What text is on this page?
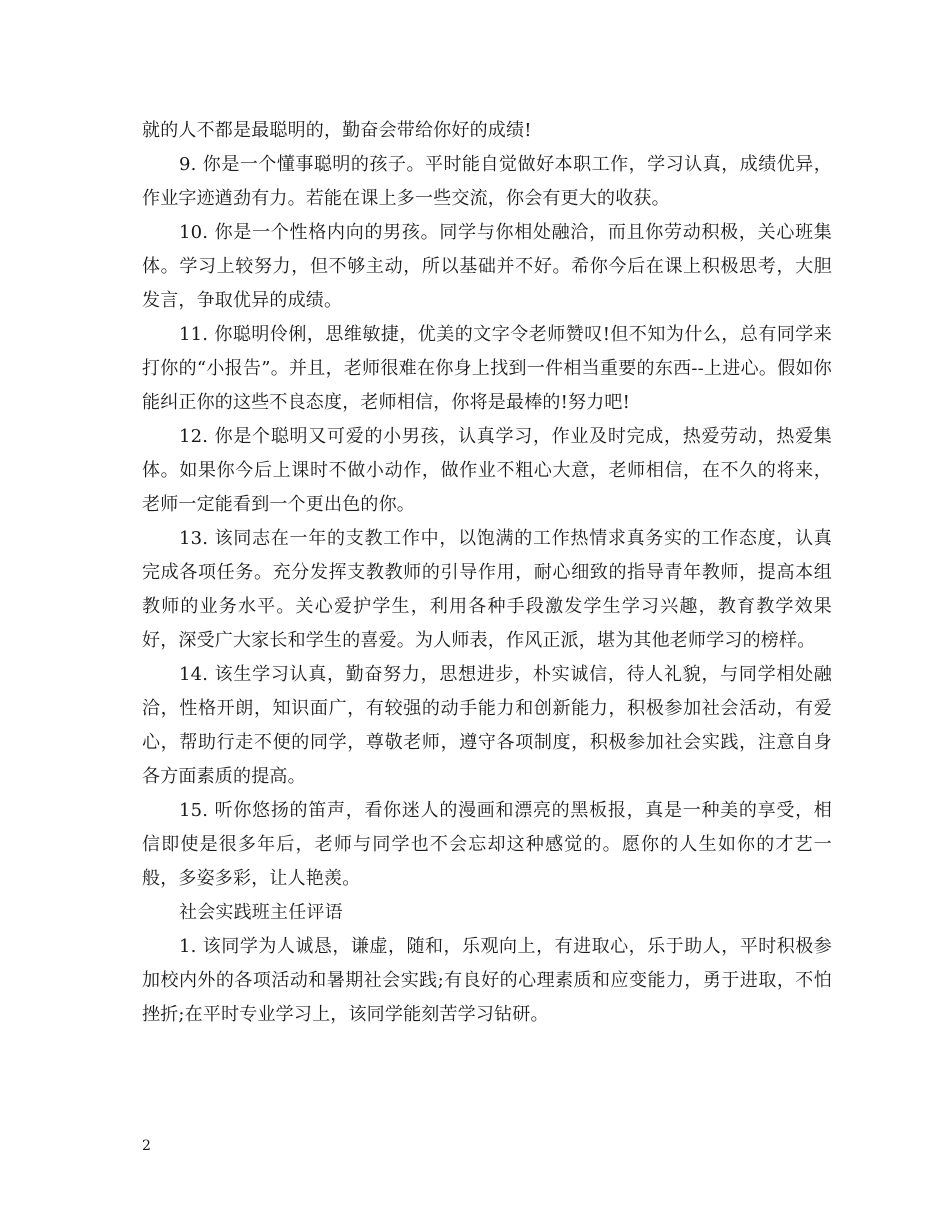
就的人不都是最聪明的，勤奋会带给你好的成绩!

9. 你是一个懂事聪明的孩子。平时能自觉做好本职工作，学习认真，成绩优异，作业字迹遒劲有力。若能在课上多一些交流，你会有更大的收获。

10. 你是一个性格内向的男孩。同学与你相处融洽，而且你劳动积极，关心班集体。学习上较努力，但不够主动，所以基础并不好。希你今后在课上积极思考，大胆发言，争取优异的成绩。

11. 你聪明伶俐，思维敏捷，优美的文字令老师赞叹!但不知为什么，总有同学来打你的“小报告”。并且，老师很难在你身上找到一件相当重要的东西--上进心。假如你能纠正你的这些不良态度，老师相信，你将是最棒的!努力吧!

12. 你是个聪明又可爱的小男孩，认真学习，作业及时完成，热爱劳动，热爱集体。如果你今后上课时不做小动作，做作业不粗心大意，老师相信，在不久的将来，老师一定能看到一个更出色的你。

13. 该同志在一年的支教工作中，以饱满的工作热情求真务实的工作态度，认真完成各项任务。充分发挥支教教师的引导作用，耐心细致的指导青年教师，提高本组教师的业务水平。关心爱护学生，利用各种手段激发学生学习兴趣，教育教学效果好，深受广大家长和学生的喜爱。为人师表，作风正派，堪为其他老师学习的榜样。

14. 该生学习认真，勤奋努力，思想进步，朴实诚信，待人礼貌，与同学相处融洽，性格开朗，知识面广，有较强的动手能力和创新能力，积极参加社会活动，有爱心，帮助行走不便的同学，尊敬老师，遵守各项制度，积极参加社会实践，注意自身各方面素质的提高。

15. 听你悠扬的笛声，看你迷人的漫画和漂亮的黑板报，真是一种美的享受，相信即使是很多年后，老师与同学也不会忘却这种感觉的。愿你的人生如你的才艺一般，多姿多彩，让人艳羡。

社会实践班主任评语

1. 该同学为人诚恳，谦虚，随和，乐观向上，有进取心，乐于助人，平时积极参加校内外的各项活动和暑期社会实践;有良好的心理素质和应变能力，勇于进取，不怕挫折;在平时专业学习上，该同学能刻苦学习钻研。

2
